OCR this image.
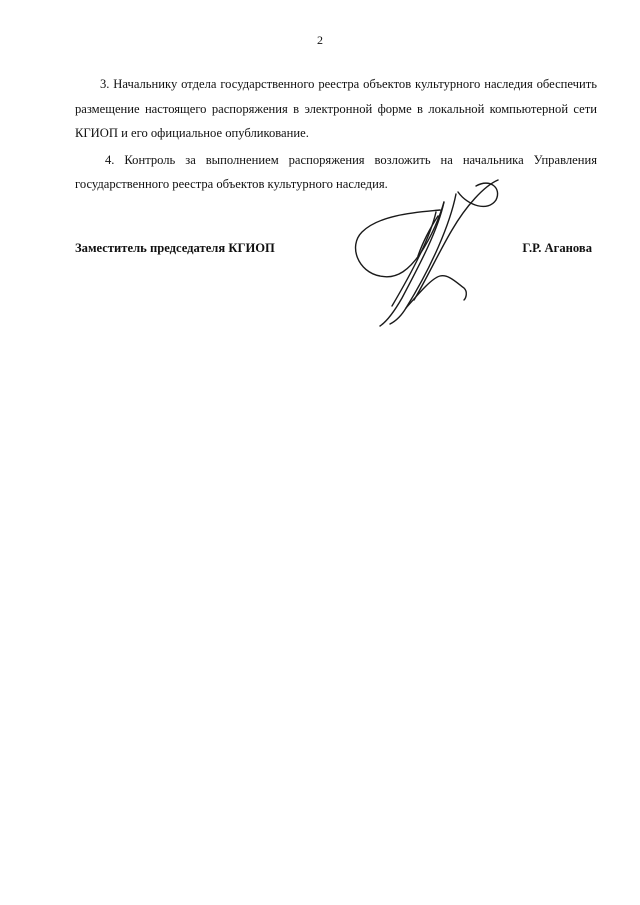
2

3. Начальнику отдела государственного реестра объектов культурного наследия обеспечить размещение настоящего распоряжения в электронной форме в локальной компьютерной сети КГИОП и его официальное опубликование.

4. Контроль за выполнением распоряжения возложить на начальника Управления государственного реестра объектов культурного наследия.

Заместитель председателя КГИОП	Г.Р. Аганова
